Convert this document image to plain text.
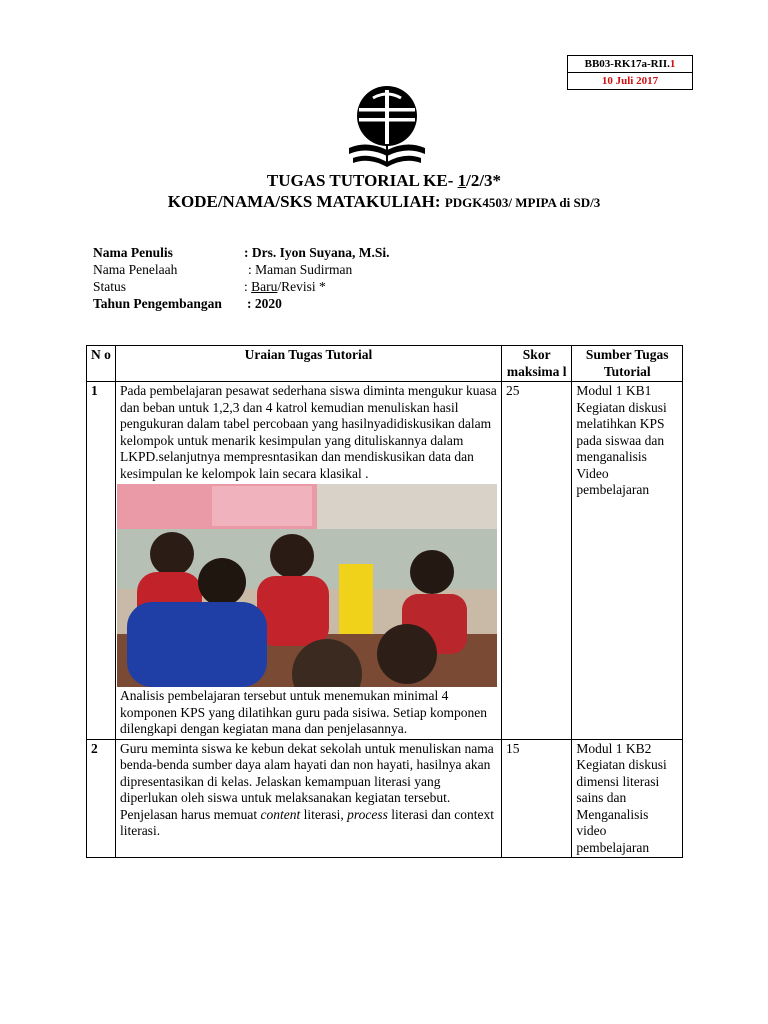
BB03-RK17a-RII.1
10 Juli 2017
TUGAS TUTORIAL KE- 1/2/3*
KODE/NAMA/SKS MATAKULIAH: PDGK4503/ MPIPA di SD/3
Nama Penulis	: Drs. Iyon Suyana, M.Si.
Nama Penelaah	: Maman Sudirman
Status	: Baru/Revisi *
Tahun Pengembangan : 2020
N o	Uraian Tugas Tutorial	Skor maksima l	Sumber Tugas Tutorial
1	Pada pembelajaran pesawat sederhana siswa diminta mengukur kuasa dan beban untuk 1,2,3 dan 4 katrol kemudian menuliskan hasil pengukuran dalam tabel percobaan yang hasilnyadidiskusikan dalam kelompok untuk menarik kesimpulan yang dituliskannya dalam LKPD.selanjutnya mempresntasikan dan mendiskusikan data dan kesimpulan ke kelompok lain secara klasikal .
Analisis pembelajaran tersebut untuk menemukan minimal 4 komponen KPS yang dilatihkan guru pada sisiwa. Setiap komponen dilengkapi dengan kegiatan mana dan penjelasannya.	25	Modul 1 KB1 Kegiatan diskusi melatihkan KPS pada siswaa dan menganalisis Video pembelajaran
2	Guru meminta siswa ke kebun dekat sekolah untuk menuliskan nama benda-benda sumber daya alam hayati dan non hayati, hasilnya akan dipresentasikan di kelas. Jelaskan kemampuan literasi yang diperlukan oleh siswa untuk melaksanakan kegiatan tersebut. Penjelasan harus memuat content literasi, process literasi dan context literasi.	15	Modul 1 KB2 Kegiatan diskusi dimensi literasi sains dan Menganalisis video pembelajaran
